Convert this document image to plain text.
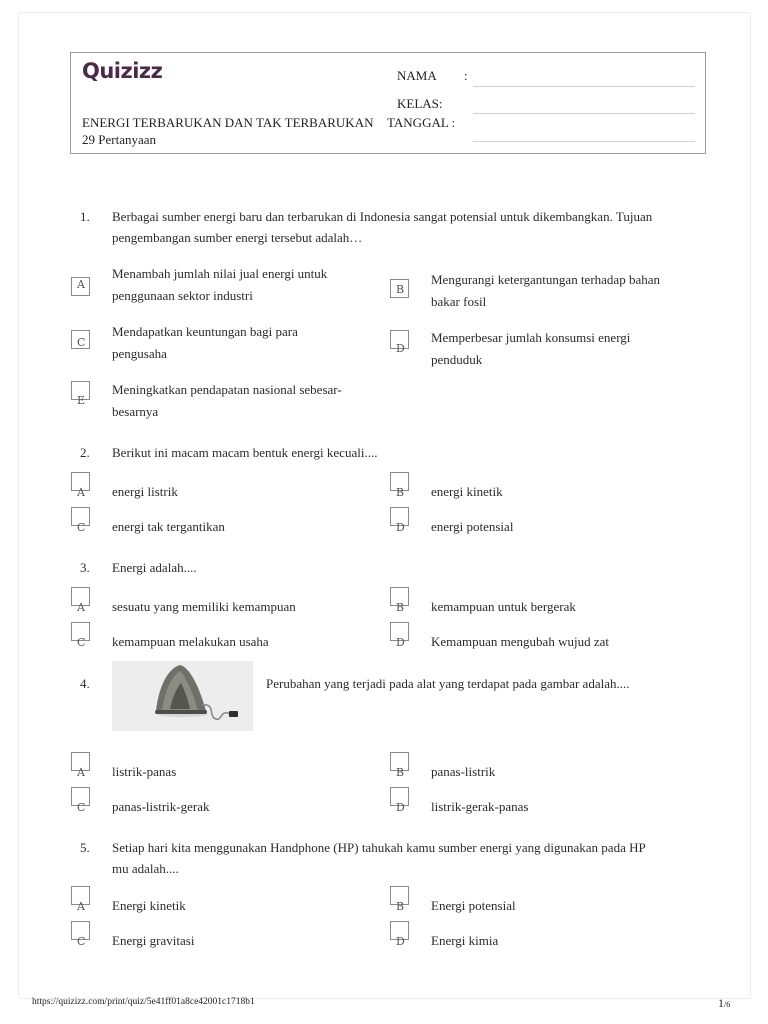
Quizizz	NAMA :
KELAS:
ENERGI TERBARUKAN DAN TAK TERBARUKAN TANGGAL :
29 Pertanyaan
1. Berbagai sumber energi baru dan terbarukan di Indonesia sangat potensial untuk dikembangkan. Tujuan
pengembangan sumber energi tersebut adalah…
A
Menambah jumlah nilai jual energi untuk
penggunaan sektor industri	B
Mengurangi ketergantungan terhadap bahan
bakar fosil
C
Mendapatkan keuntungan bagi para
pengusaha	D
Memperbesar jumlah konsumsi energi
penduduk
E
Meningkatkan pendapatan nasional sebesar-
besarnya
2. Berikut ini macam macam bentuk energi kecuali....
A energi listrik	B energi kinetik
C energi tak tergantikan	D energi potensial
3. Energi adalah....
A sesuatu yang memiliki kemampuan	B kemampuan untuk bergerak
C kemampuan melakukan usaha	D Kemampuan mengubah wujud zat
4.	Perubahan yang terjadi pada alat yang terdapat pada gambar adalah....
A listrik-panas	B panas-listrik
C panas-listrik-gerak	D listrik-gerak-panas
5. Setiap hari kita menggunakan Handphone (HP) tahukah kamu sumber energi yang digunakan pada HP
mu adalah....
A Energi kinetik	B Energi potensial
C Energi gravitasi	D Energi kimia
https://quizizz.com/print/quiz/5e41ff01a8ce42001c1718b1	1/6
